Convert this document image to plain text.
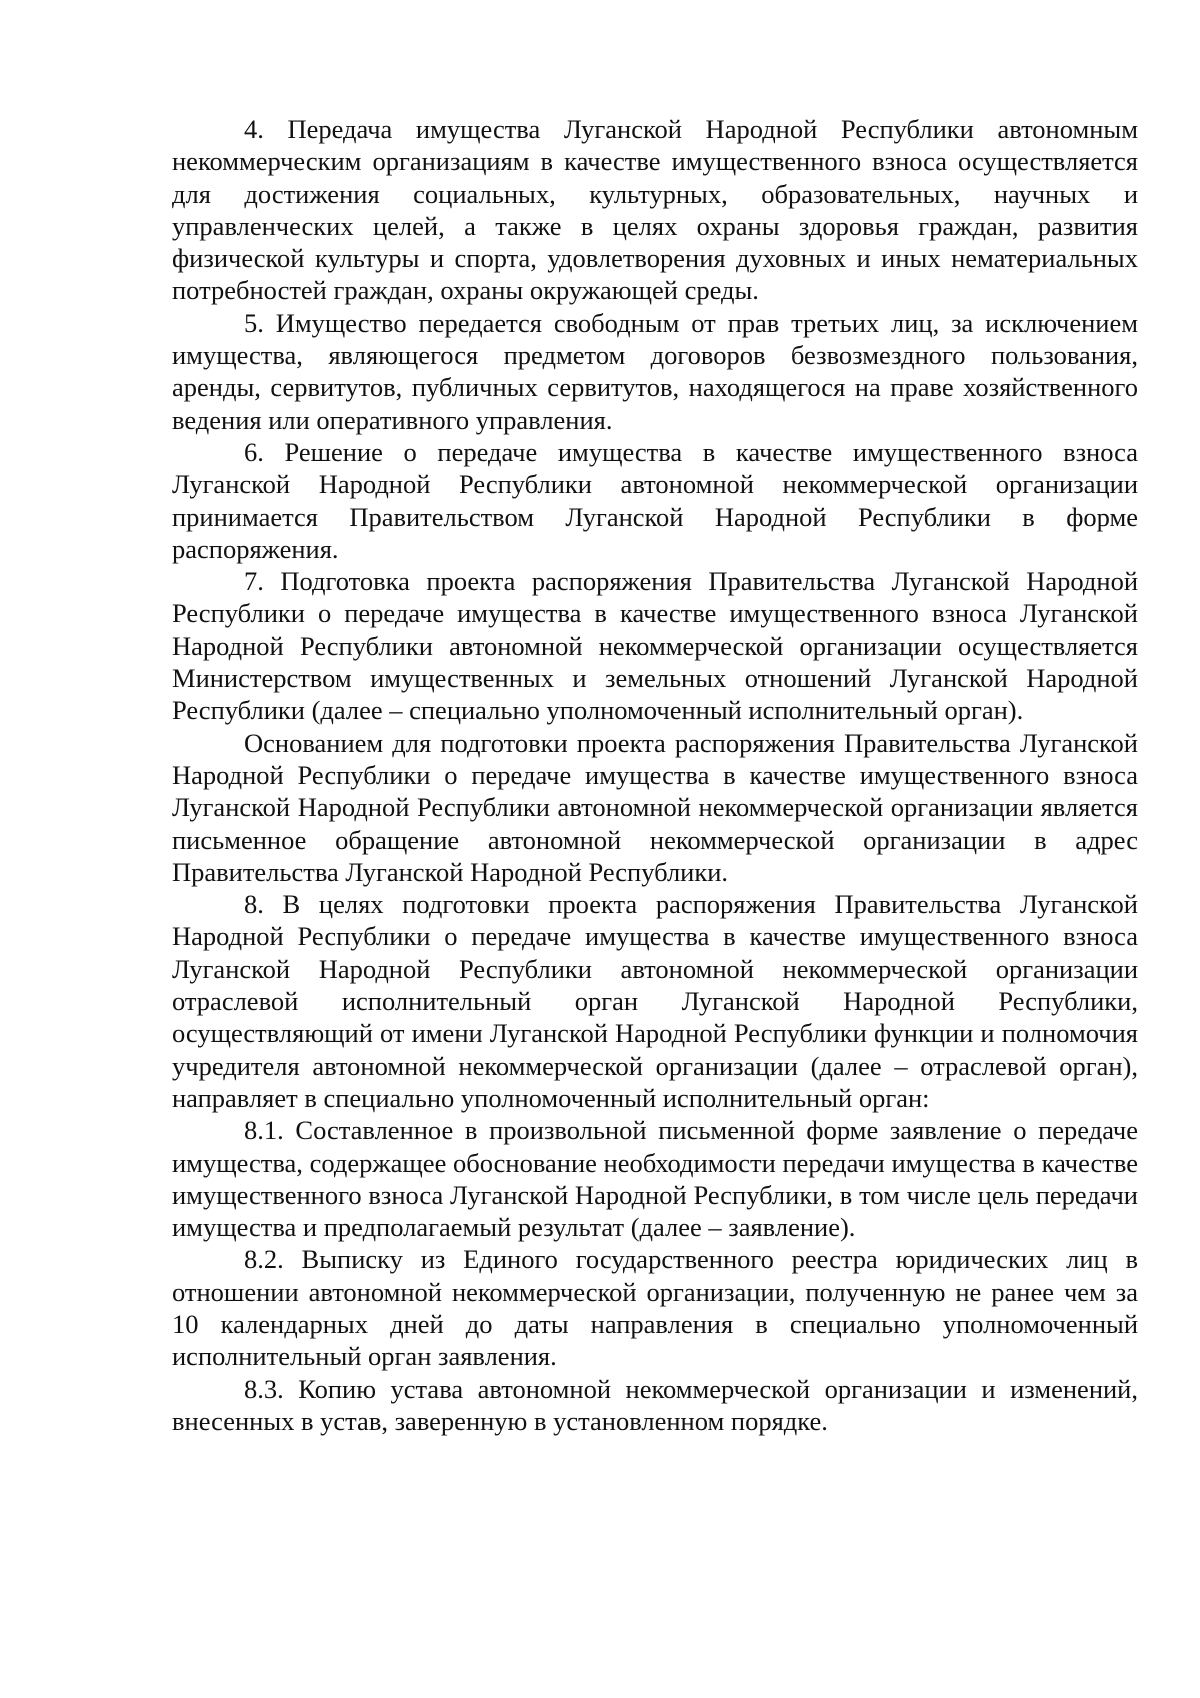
4. Передача имущества Луганской Народной Республики автономным некоммерческим организациям в качестве имущественного взноса осуществляется для достижения социальных, культурных, образовательных, научных и управленческих целей, а также в целях охраны здоровья граждан, развития физической культуры и спорта, удовлетворения духовных и иных нематериальных потребностей граждан, охраны окружающей среды.

5. Имущество передается свободным от прав третьих лиц, за исключением имущества, являющегося предметом договоров безвозмездного пользования, аренды, сервитутов, публичных сервитутов, находящегося на праве хозяйственного ведения или оперативного управления.

6. Решение о передаче имущества в качестве имущественного взноса Луганской Народной Республики автономной некоммерческой организации принимается Правительством Луганской Народной Республики в форме распоряжения.

7. Подготовка проекта распоряжения Правительства Луганской Народной Республики о передаче имущества в качестве имущественного взноса Луганской Народной Республики автономной некоммерческой организации осуществляется Министерством имущественных и земельных отношений Луганской Народной Республики (далее – специально уполномоченный исполнительный орган).

Основанием для подготовки проекта распоряжения Правительства Луганской Народной Республики о передаче имущества в качестве имущественного взноса Луганской Народной Республики автономной некоммерческой организации является письменное обращение автономной некоммерческой организации в адрес Правительства Луганской Народной Республики.

8. В целях подготовки проекта распоряжения Правительства Луганской Народной Республики о передаче имущества в качестве имущественного взноса Луганской Народной Республики автономной некоммерческой организации отраслевой исполнительный орган Луганской Народной Республики, осуществляющий от имени Луганской Народной Республики функции и полномочия учредителя автономной некоммерческой организации (далее – отраслевой орган), направляет в специально уполномоченный исполнительный орган:

8.1. Составленное в произвольной письменной форме заявление о передаче имущества, содержащее обоснование необходимости передачи имущества в качестве имущественного взноса Луганской Народной Республики, в том числе цель передачи имущества и предполагаемый результат (далее – заявление).

8.2. Выписку из Единого государственного реестра юридических лиц в отношении автономной некоммерческой организации, полученную не ранее чем за 10 календарных дней до даты направления в специально уполномоченный исполнительный орган заявления.

8.3. Копию устава автономной некоммерческой организации и изменений, внесенных в устав, заверенную в установленном порядке.
